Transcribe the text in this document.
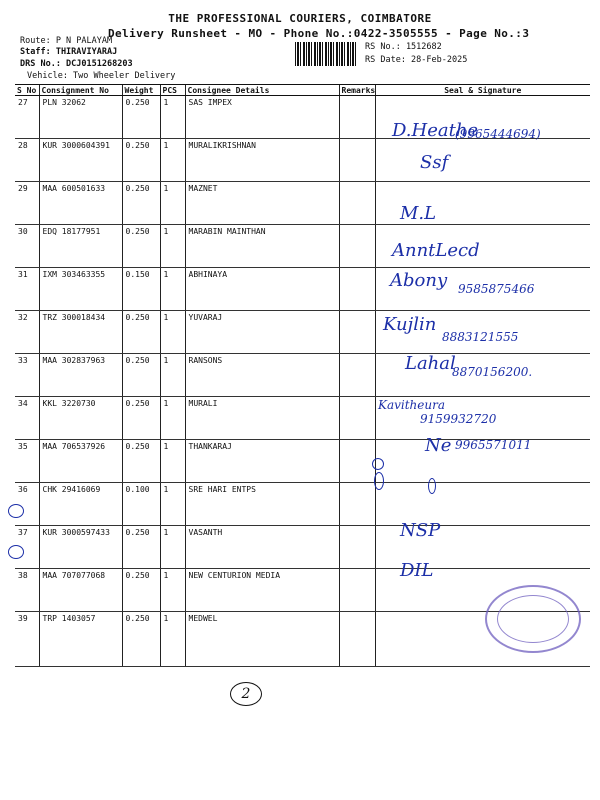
THE PROFESSIONAL COURIERS, COIMBATORE
Delivery Runsheet - MO - Phone No.:0422-3505555 - Page No.:3
Route: P N PALAYAM
Staff: THIRAVIYARAJ
DRS No.: DCJ0151268203
Vehicle: Two Wheeler Delivery
RS No.: 1512682
RS Date: 28-Feb-2025
S No	Consignment No	Weight	PCS	Consignee Details	Remarks	Seal & Signature
27	PLN 32062	0.250	1	SAS IMPEX		
28	KUR 3000604391	0.250	1	MURALIKRISHNAN		
29	MAA 600501633	0.250	1	MAZNET		
30	EDQ 18177951	0.250	1	MARABIN MAINTHAN		
31	IXM 303463355	0.150	1	ABHINAYA		
32	TRZ 300018434	0.250	1	YUVARAJ		
33	MAA 302837963	0.250	1	RANSONS		
34	KKL 3220730	0.250	1	MURALI		
35	MAA 706537926	0.250	1	THANKARAJ		
36	CHK 29416069	0.100	1	SRE HARI ENTPS		
37	KUR 3000597433	0.250	1	VASANTH		
38	MAA 707077068	0.250	1	NEW CENTURION MEDIA		
39	TRP 1403057	0.250	1	MEDWEL		
D.Heathe
(9965444694)
Ssf
M.L
AnntLecd
Abony 9585875466
Kujlin
8883121555
Lahal
8870156200.
Kavitheura
9159932720
Ne 9965571011
NSP
DIL
2
